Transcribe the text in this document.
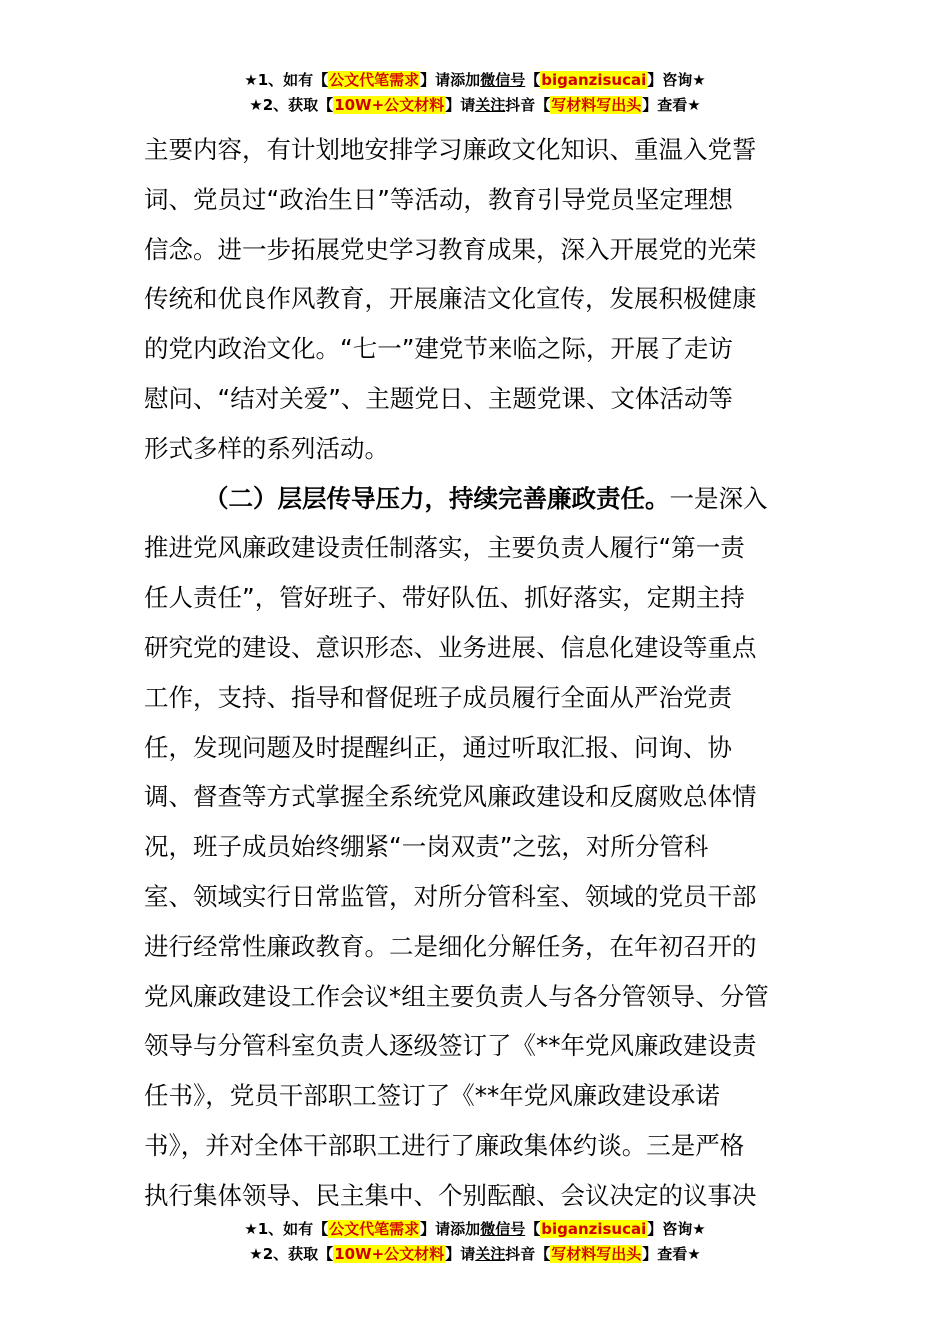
★1、如有【公文代笔需求】请添加微信号【biganzisucai】咨询★
★2、获取【10W+公文材料】请关注抖音【写材料写出头】查看★

主要内容，有计划地安排学习廉政文化知识、重温入党誓

词、党员过“政治生日”等活动，教育引导党员坚定理想

信念。进一步拓展党史学习教育成果，深入开展党的光荣

传统和优良作风教育，开展廉洁文化宣传，发展积极健康

的党内政治文化。“七一”建党节来临之际，开展了走访

慰问、“结对关爱”、主题党日、主题党课、文体活动等

形式多样的系列活动。

（二）层层传导压力，持续完善廉政责任。一是深入

推进党风廉政建设责任制落实，主要负责人履行“第一责

任人责任”，管好班子、带好队伍、抓好落实，定期主持

研究党的建设、意识形态、业务进展、信息化建设等重点

工作，支持、指导和督促班子成员履行全面从严治党责

任，发现问题及时提醒纠正，通过听取汇报、问询、协

调、督查等方式掌握全系统党风廉政建设和反腐败总体情

况，班子成员始终绷紧“一岗双责”之弦，对所分管科

室、领域实行日常监管，对所分管科室、领域的党员干部

进行经常性廉政教育。二是细化分解任务，在年初召开的

党风廉政建设工作会议*组主要负责人与各分管领导、分管

领导与分管科室负责人逐级签订了《**年党风廉政建设责

任书》，党员干部职工签订了《**年党风廉政建设承诺

书》，并对全体干部职工进行了廉政集体约谈。三是严格

执行集体领导、民主集中、个别酝酿、会议决定的议事决

★1、如有【公文代笔需求】请添加微信号【biganzisucai】咨询★
★2、获取【10W+公文材料】请关注抖音【写材料写出头】查看★
